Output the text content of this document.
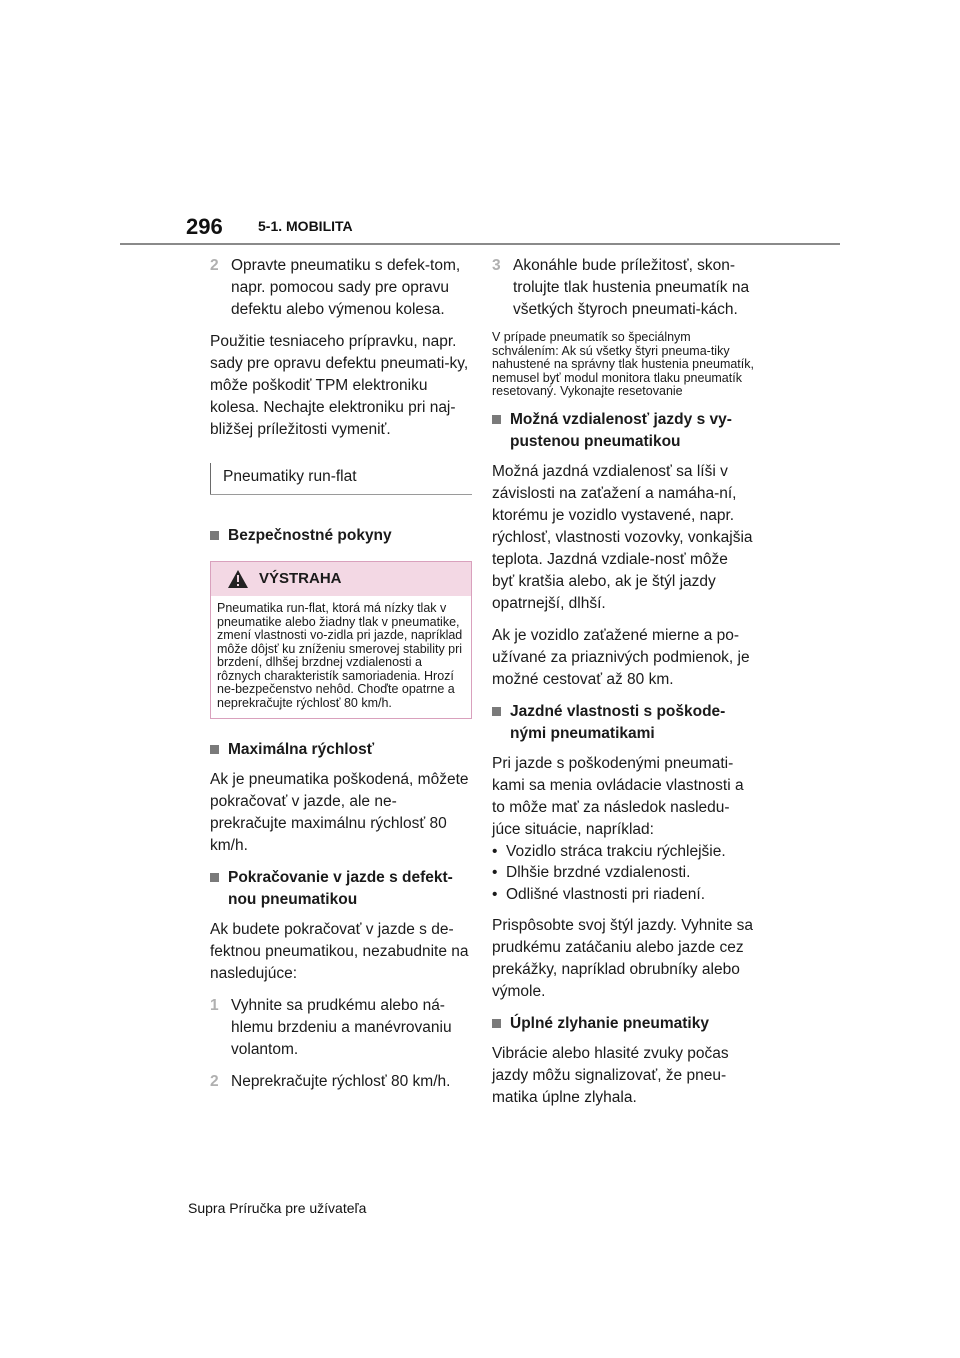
296	5-1. MOBILITA
2 Opravte pneumatiku s defek-tom, napr. pomocou sady pre opravu defektu alebo výmenou kolesa.

Použitie tesniaceho prípravku, napr. sady pre opravu defektu pneumati-ky, môže poškodiť TPM elektroniku kolesa. Nechajte elektroniku pri naj-bližšej príležitosti vymeniť.

Pneumatiky run-flat
Bezpečnostné pokyny
VÝSTRAHA
Pneumatika run-flat, ktorá má nízky tlak v pneumatike alebo žiadny tlak v pneumatike, zmení vlastnosti vo-zidla pri jazde, napríklad môže dôjsť ku zníženiu smerovej stability pri brzdení, dlhšej brzdnej vzdialenosti a rôznych charakteristík samoriadenia. Hrozí ne-bezpečenstvo nehôd. Choďte opatrne a neprekračujte rýchlosť 80 km/h.
Maximálna rýchlosť

Ak je pneumatika poškodená, môžete pokračovať v jazde, ale ne-prekračujte maximálnu rýchlosť 80 km/h.

Pokračovanie v jazde s defekt-nou pneumatikou

Ak budete pokračovať v jazde s de-fektnou pneumatikou, nezabudnite na nasledujúce:

1 Vyhnite sa prudkému alebo ná-hlemu brzdeniu a manévrovaniu volantom.
2 Neprekračujte rýchlosť 80 km/h.
3 Akonáhle bude príležitosť, skon-trolujte tlak hustenia pneumatík na všetkých štyroch pneumati-kách.

V prípade pneumatík so špeciálnym schválením: Ak sú všetky štyri pneuma-tiky nahustené na správny tlak hustenia pneumatík, nemusel byť modul monitora tlaku pneumatík resetovaný. Vykonajte resetovanie

Možná vzdialenosť jazdy s vy-pustenou pneumatikou

Možná jazdná vzdialenosť sa líši v závislosti na zaťažení a namáha-ní, ktorému je vozidlo vystavené, napr. rýchlosť, vlastnosti vozovky, vonkajšia teplota. Jazdná vzdiale-nosť môže byť kratšia alebo, ak je štýl jazdy opatrnejší, dlhší.

Ak je vozidlo zaťažené mierne a po-užívané za priaznivých podmienok, je možné cestovať až 80 km.

Jazdné vlastnosti s poškode-nými pneumatikami

Pri jazde s poškodenými pneumati-kami sa menia ovládacie vlastnosti a to môže mať za následok nasledu-júce situácie, napríklad:

• Vozidlo stráca trakciu rýchlejšie.
• Dlhšie brzdné vzdialenosti.
• Odlišné vlastnosti pri riadení.

Prispôsobte svoj štýl jazdy. Vyhnite sa prudkému zatáčaniu alebo jazde cez prekážky, napríklad obrubníky alebo výmole.

Úplné zlyhanie pneumatiky

Vibrácie alebo hlasité zvuky počas jazdy môžu signalizovať, že pneu-matika úplne zlyhala.

Supra Príručka pre užívateľa
